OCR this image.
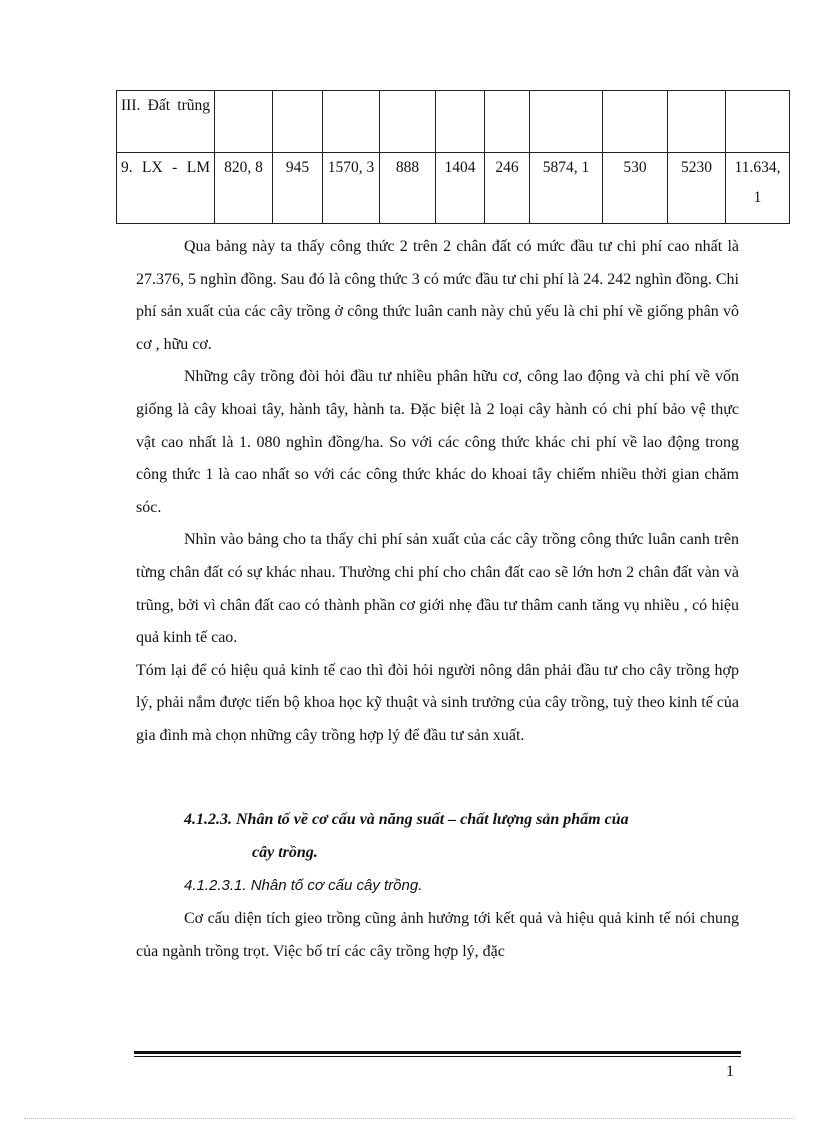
III. Đất trũng										
9. LX - LM	820, 8	945	1570, 3	888	1404	246	5874, 1	530	5230	11.634, 1

Qua bảng này ta thấy công thức 2 trên 2 chân đất có mức đầu tư chi phí cao nhất là 27.376, 5 nghìn đồng. Sau đó là công thức 3 có mức đầu tư chi phí là 24. 242 nghìn đồng. Chi phí sản xuất của các cây trồng ở công thức luân canh này chủ yếu là chi phí về giống phân vô cơ , hữu cơ.

Những cây trồng đòi hỏi đầu tư nhiều phân hữu cơ, công lao động và chi phí về vốn giống là cây khoai tây, hành tây, hành ta. Đặc biệt là 2 loại cây hành có chi phí bảo vệ thực vật cao nhất là 1. 080 nghìn đồng/ha. So với các công thức khác chi phí về lao động trong công thức 1 là cao nhất so với các công thức khác do khoai tây chiếm nhiều thời gian chăm sóc.

Nhìn vào bảng cho ta thấy chi phí sản xuất của các cây trồng công thức luân canh trên từng chân đất có sự khác nhau. Thường chi phí cho chân đất cao sẽ lớn hơn 2 chân đất vàn và trũng, bởi vì chân đất cao có thành phần cơ giới nhẹ đầu tư thâm canh tăng vụ nhiều , có hiệu quả kinh tế cao.

Tóm lại để có hiệu quả kinh tế cao thì đòi hỏi người nông dân phải đầu tư cho cây trồng hợp lý, phải nắm được tiến bộ khoa học kỹ thuật và sinh trưởng của cây trồng, tuỳ theo kinh tế của gia đình mà chọn những cây trồng hợp lý để đầu tư sản xuất.

4.1.2.3. Nhân tố về cơ cấu và năng suất – chất lượng sản phẩm của
cây trồng.

4.1.2.3.1. Nhân tố cơ cấu cây trồng.

Cơ cấu diện tích gieo trồng cũng ảnh hưởng tới kết quả và hiệu quả kinh tế nói chung của ngành trồng trọt. Việc bố trí các cây trồng hợp lý, đặc

1
